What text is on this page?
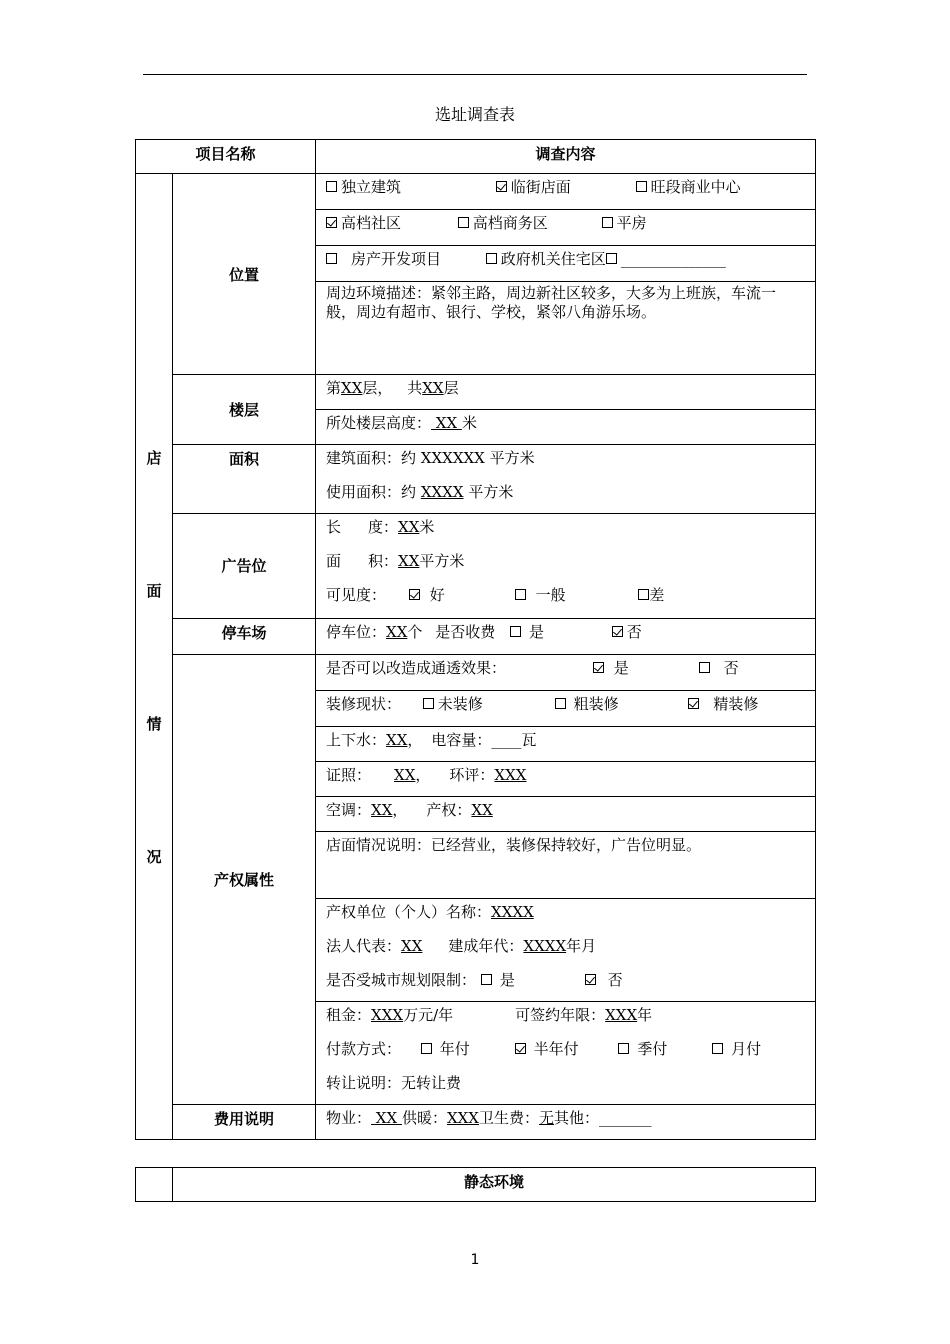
选址调查表
项目名称		调查内容

店
面
情
况	位置	独立建筑 临街店面 旺段商业中心

		高档社区 高档商务区 平房

		房产开发项目 政府机关住宅区 ______________

		周边环境描述：紧邻主路，周边新社区较多，大多为上班族，车流一般，周边有超市、银行、学校，紧邻八角游乐场。

	楼层	第XX层， 共XX层

		所处楼层高度： XX 米

	面积	建筑面积：约 XXXXXX 平方米

		使用面积：约 XXXX 平方米

	广告位	长 度：XX米

		面 积：XX平方米

		可见度： 好 一般 差

	停车场	停车位：XX个 是否收费 是 否

	产权属性	是否可以改造成通透效果： 是 否

		装修现状： 未装修 粗装修 精装修

		上下水：XX， 电容量：____瓦

		证照： XX， 环评：XXX

		空调：XX， 产权：XX

		店面情况说明：已经营业，装修保持较好，广告位明显。

		产权单位（个人）名称：XXXX

		法人代表：XX 建成年代：XXXX年月

		是否受城市规划限制： 是 否

		租金：XXX万元/年 可签约年限：XXX年

		付款方式： 年付 半年付 季付 月付

		转让说明：无转让费

	费用说明	物业： XX 供暖：XXX卫生费：无其他：_______
	静态环境
1
